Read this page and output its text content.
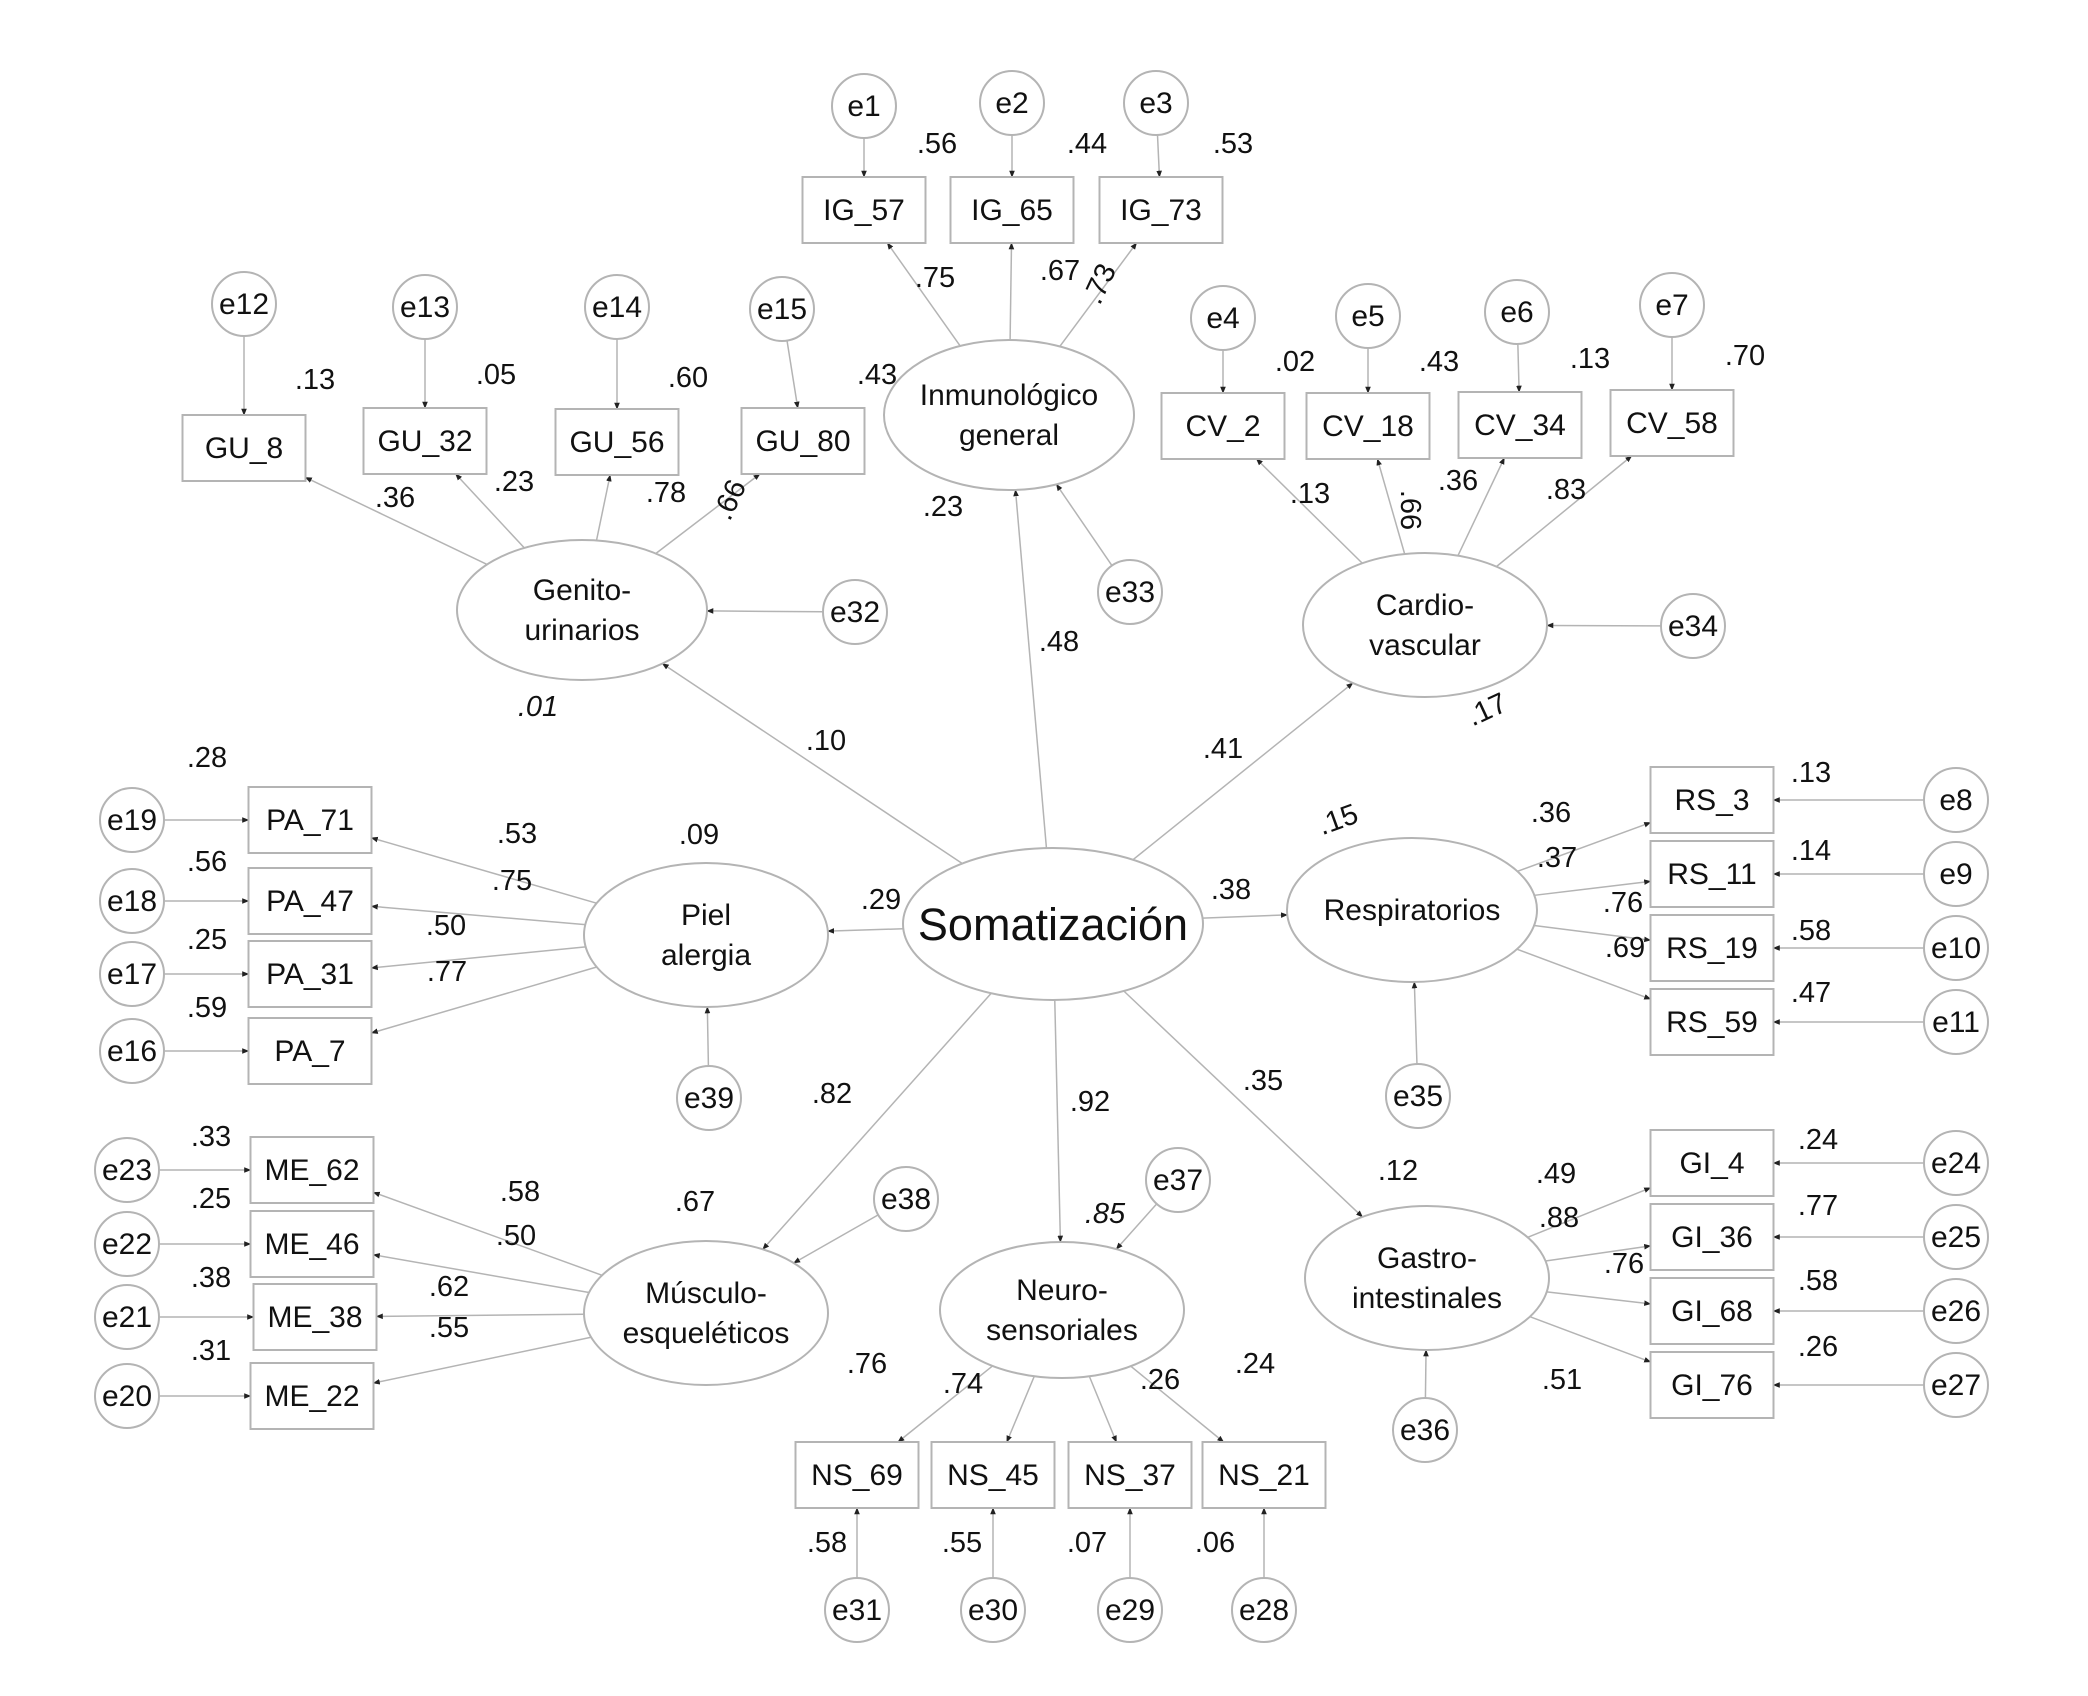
Somatización
Inmunológico general
Genito-urinarios
Cardio-vascular
Piel alergia
Respiratorios
Músculo-esqueléticos
Neuro-sensoriales
Gastro-intestinales
IG_57 IG_65 IG_73
e1	e2	e3
GU_8	GU_32	GU_56	GU_80
e12	e13	e14	e15
CV_2 CV_18 CV_34 CV_58
e4	e5	e6	e7
PA_71
PA_47
PA_31
PA_7
e19
e18
e17
e16
RS_3
RS_11
RS_19
RS_59
e8
e9
e10
e11
ME_62
ME_46
ME_38
ME_22
e23
e22
e21
e20
NS_69 NS_45 NS_37 NS_21
e31	e30	e29	e28
GI_4
GI_36
GI_68
GI_76
e24
e25
e26
e27
e32
e33
e34
e39	e35
e38
e37
e36
.56	.44	.53
.75	.67
.73
.43
.23
.48
.13	.05	.60
.36	.23	.78 .66
.01
.10
.02	.43	.13	.70
.13 .66
.36 .83
.17
.41
.28
.53
.56
.75
.25	.50
.59
.77
.09
.29
.36
.37
.76
.69
.13
.14
.58
.47
.15
.38
.33
.58
.25
.50
.38	.62
.31
.55
.67
.82
.76
.74	.26 .24
.58	.55	.07	.06
.85
.92
.49
.88
.76
.51
.24
.77
.58
.26
.12
.35
